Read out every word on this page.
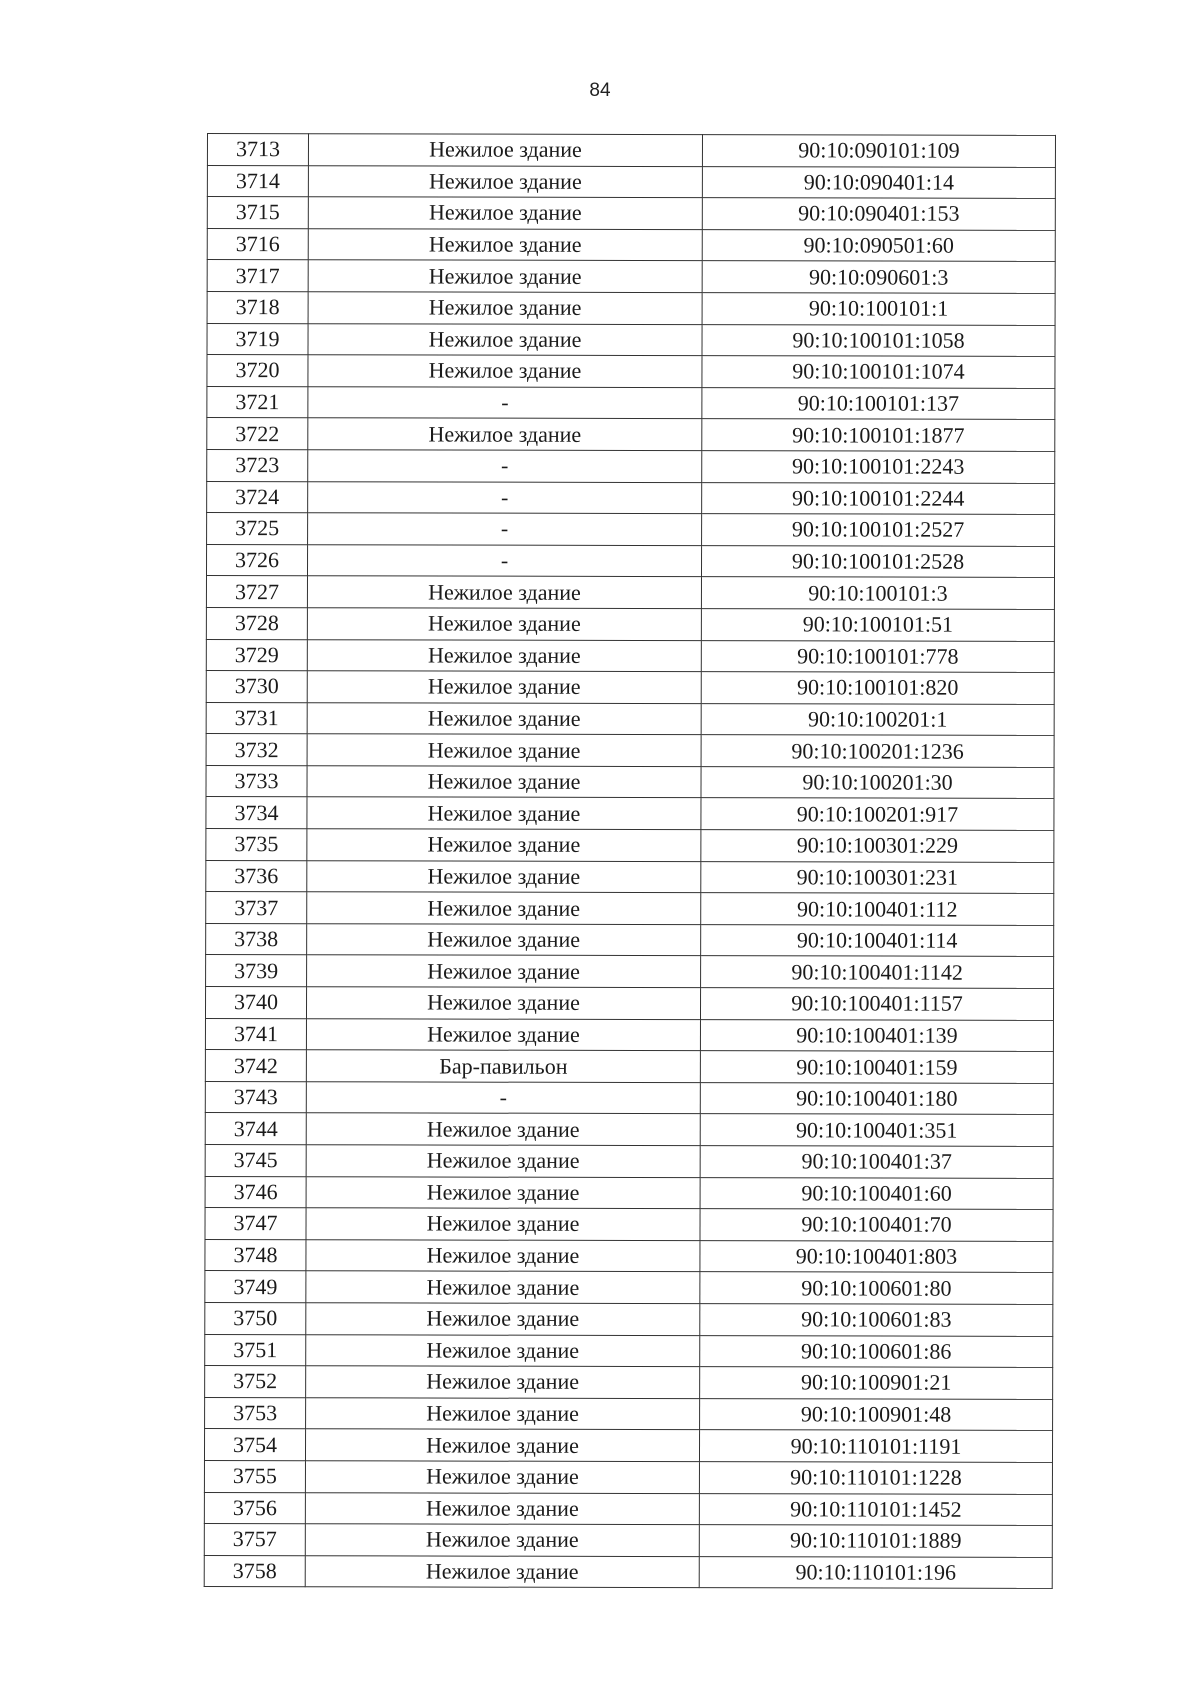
84
3713	Нежилое здание	90:10:090101:109
3714	Нежилое здание	90:10:090401:14
3715	Нежилое здание	90:10:090401:153
3716	Нежилое здание	90:10:090501:60
3717	Нежилое здание	90:10:090601:3
3718	Нежилое здание	90:10:100101:1
3719	Нежилое здание	90:10:100101:1058
3720	Нежилое здание	90:10:100101:1074
3721	-	90:10:100101:137
3722	Нежилое здание	90:10:100101:1877
3723	-	90:10:100101:2243
3724	-	90:10:100101:2244
3725	-	90:10:100101:2527
3726	-	90:10:100101:2528
3727	Нежилое здание	90:10:100101:3
3728	Нежилое здание	90:10:100101:51
3729	Нежилое здание	90:10:100101:778
3730	Нежилое здание	90:10:100101:820
3731	Нежилое здание	90:10:100201:1
3732	Нежилое здание	90:10:100201:1236
3733	Нежилое здание	90:10:100201:30
3734	Нежилое здание	90:10:100201:917
3735	Нежилое здание	90:10:100301:229
3736	Нежилое здание	90:10:100301:231
3737	Нежилое здание	90:10:100401:112
3738	Нежилое здание	90:10:100401:114
3739	Нежилое здание	90:10:100401:1142
3740	Нежилое здание	90:10:100401:1157
3741	Нежилое здание	90:10:100401:139
3742	Бар-павильон	90:10:100401:159
3743	-	90:10:100401:180
3744	Нежилое здание	90:10:100401:351
3745	Нежилое здание	90:10:100401:37
3746	Нежилое здание	90:10:100401:60
3747	Нежилое здание	90:10:100401:70
3748	Нежилое здание	90:10:100401:803
3749	Нежилое здание	90:10:100601:80
3750	Нежилое здание	90:10:100601:83
3751	Нежилое здание	90:10:100601:86
3752	Нежилое здание	90:10:100901:21
3753	Нежилое здание	90:10:100901:48
3754	Нежилое здание	90:10:110101:1191
3755	Нежилое здание	90:10:110101:1228
3756	Нежилое здание	90:10:110101:1452
3757	Нежилое здание	90:10:110101:1889
3758	Нежилое здание	90:10:110101:196
